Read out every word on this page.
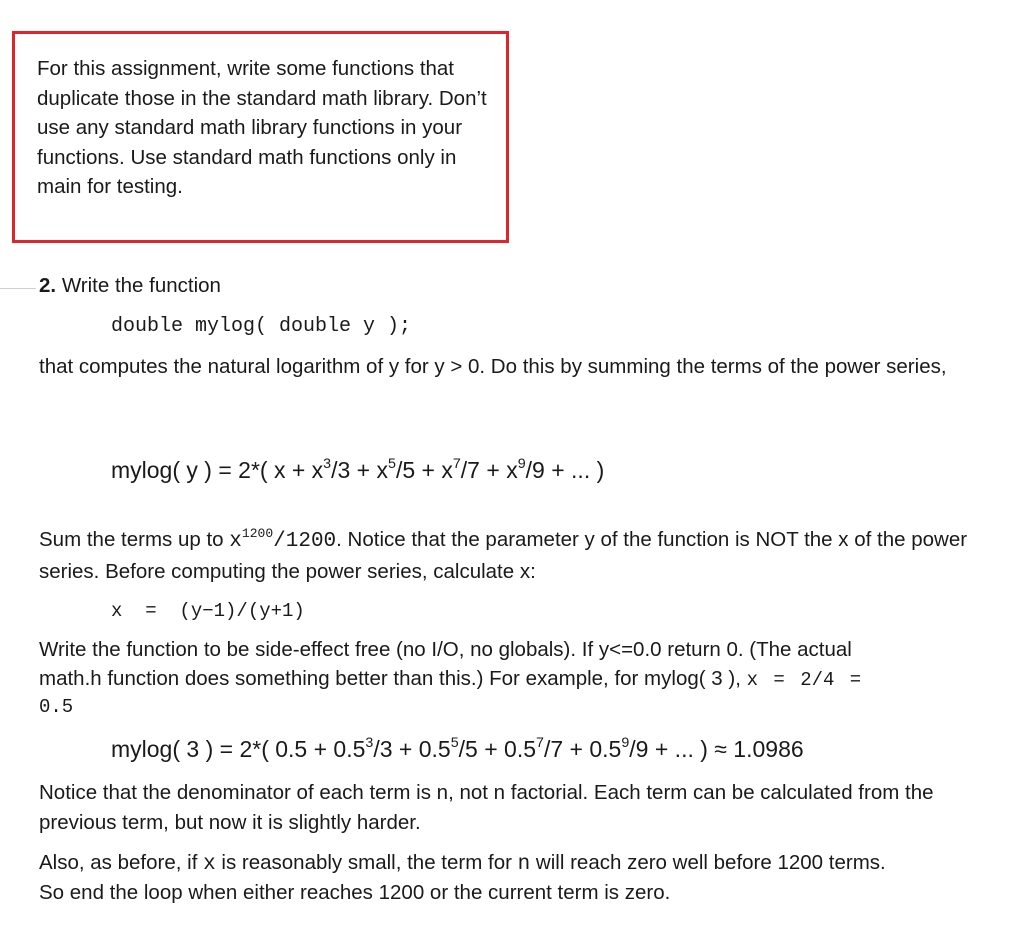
For this assignment, write some functions that duplicate those in the standard math library. Don’t use any standard math library functions in your functions. Use standard math functions only in main for testing.
2. Write the function
double mylog( double y );
that computes the natural logarithm of y for y > 0. Do this by summing the terms of the power series,
mylog( y ) = 2*( $x + x^3/3 + x^5/5 + x^7/7 + x^9/9$ + ... )
Sum the terms up to $x^{1200}/1200$. Notice that the parameter y of the function is NOT the x of the power series. Before computing the power series, calculate x:
x  =  (y−1)/(y+1)
Write the function to be side-effect free (no I/O, no globals). If y<=0.0 return 0. (The actual
math.h function does something better than this.) For example, for mylog( 3 ), x = 2/4 =
0.5
mylog( 3 ) = 2*( $0.5 + 0.5^3/3 + 0.5^5/5 + 0.5^7/7 + 0.5^9/9$ + ... ) ≈ 1.0986
Notice that the denominator of each term is n, not n factorial. Each term can be calculated from the previous term, but now it is slightly harder.
Also, as before, if x is reasonably small, the term for n will reach zero well before 1200 terms.
So end the loop when either reaches 1200 or the current term is zero.
